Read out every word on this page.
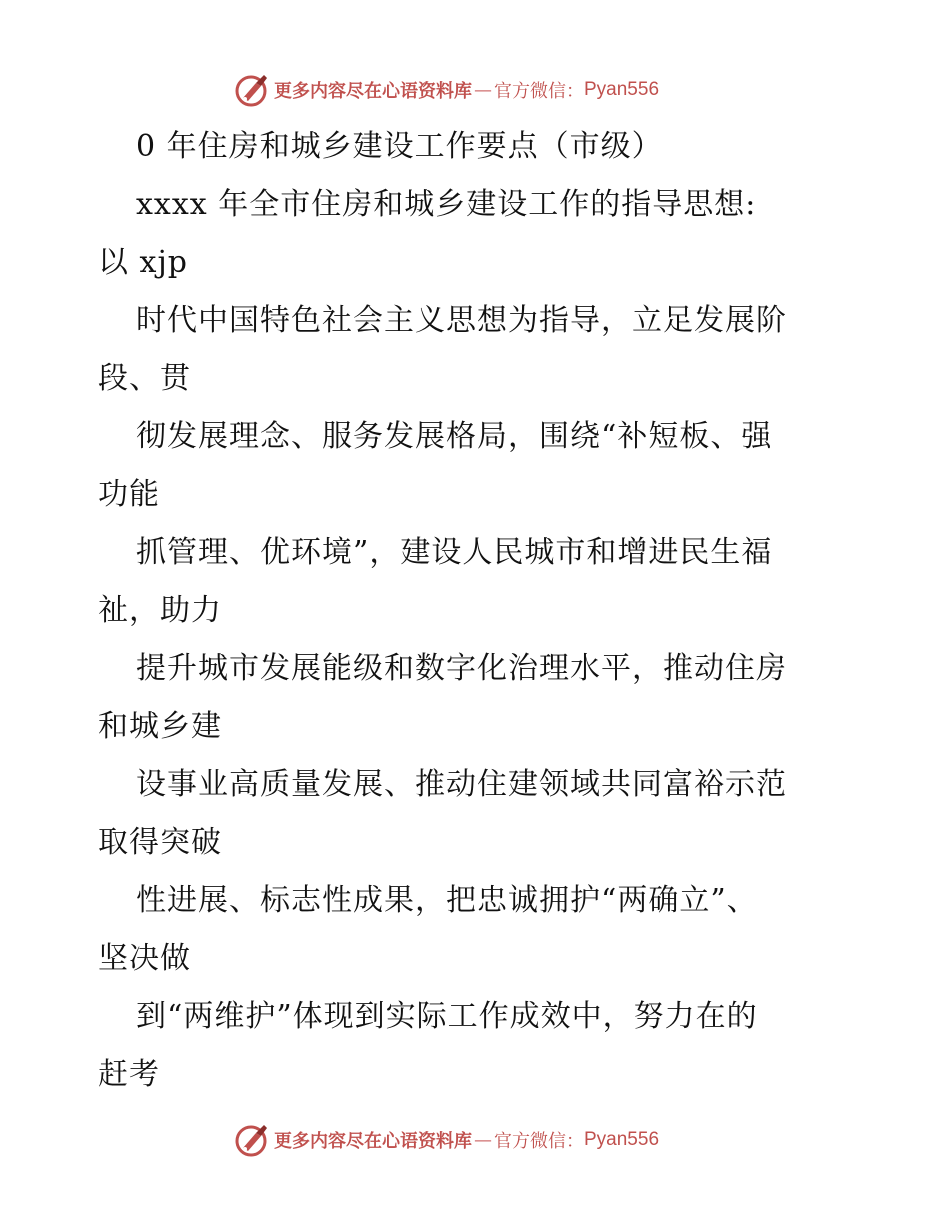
更多内容尽在心语资料库 — 官方微信： Pyan556
0 年住房和城乡建设工作要点（市级）
xxxx 年全市住房和城乡建设工作的指导思想:
以 xjp
时代中国特色社会主义思想为指导，立足发展阶
段、贯
彻发展理念、服务发展格局，围绕“补短板、强
功能
抓管理、优环境”，建设人民城市和增进民生福
祉，助力
提升城市发展能级和数字化治理水平，推动住房
和城乡建
设事业高质量发展、推动住建领域共同富裕示范
取得突破
性进展、标志性成果，把忠诚拥护“两确立”、
坚决做
到“两维护”体现到实际工作成效中，努力在的
赶考
更多内容尽在心语资料库 — 官方微信： Pyan556
